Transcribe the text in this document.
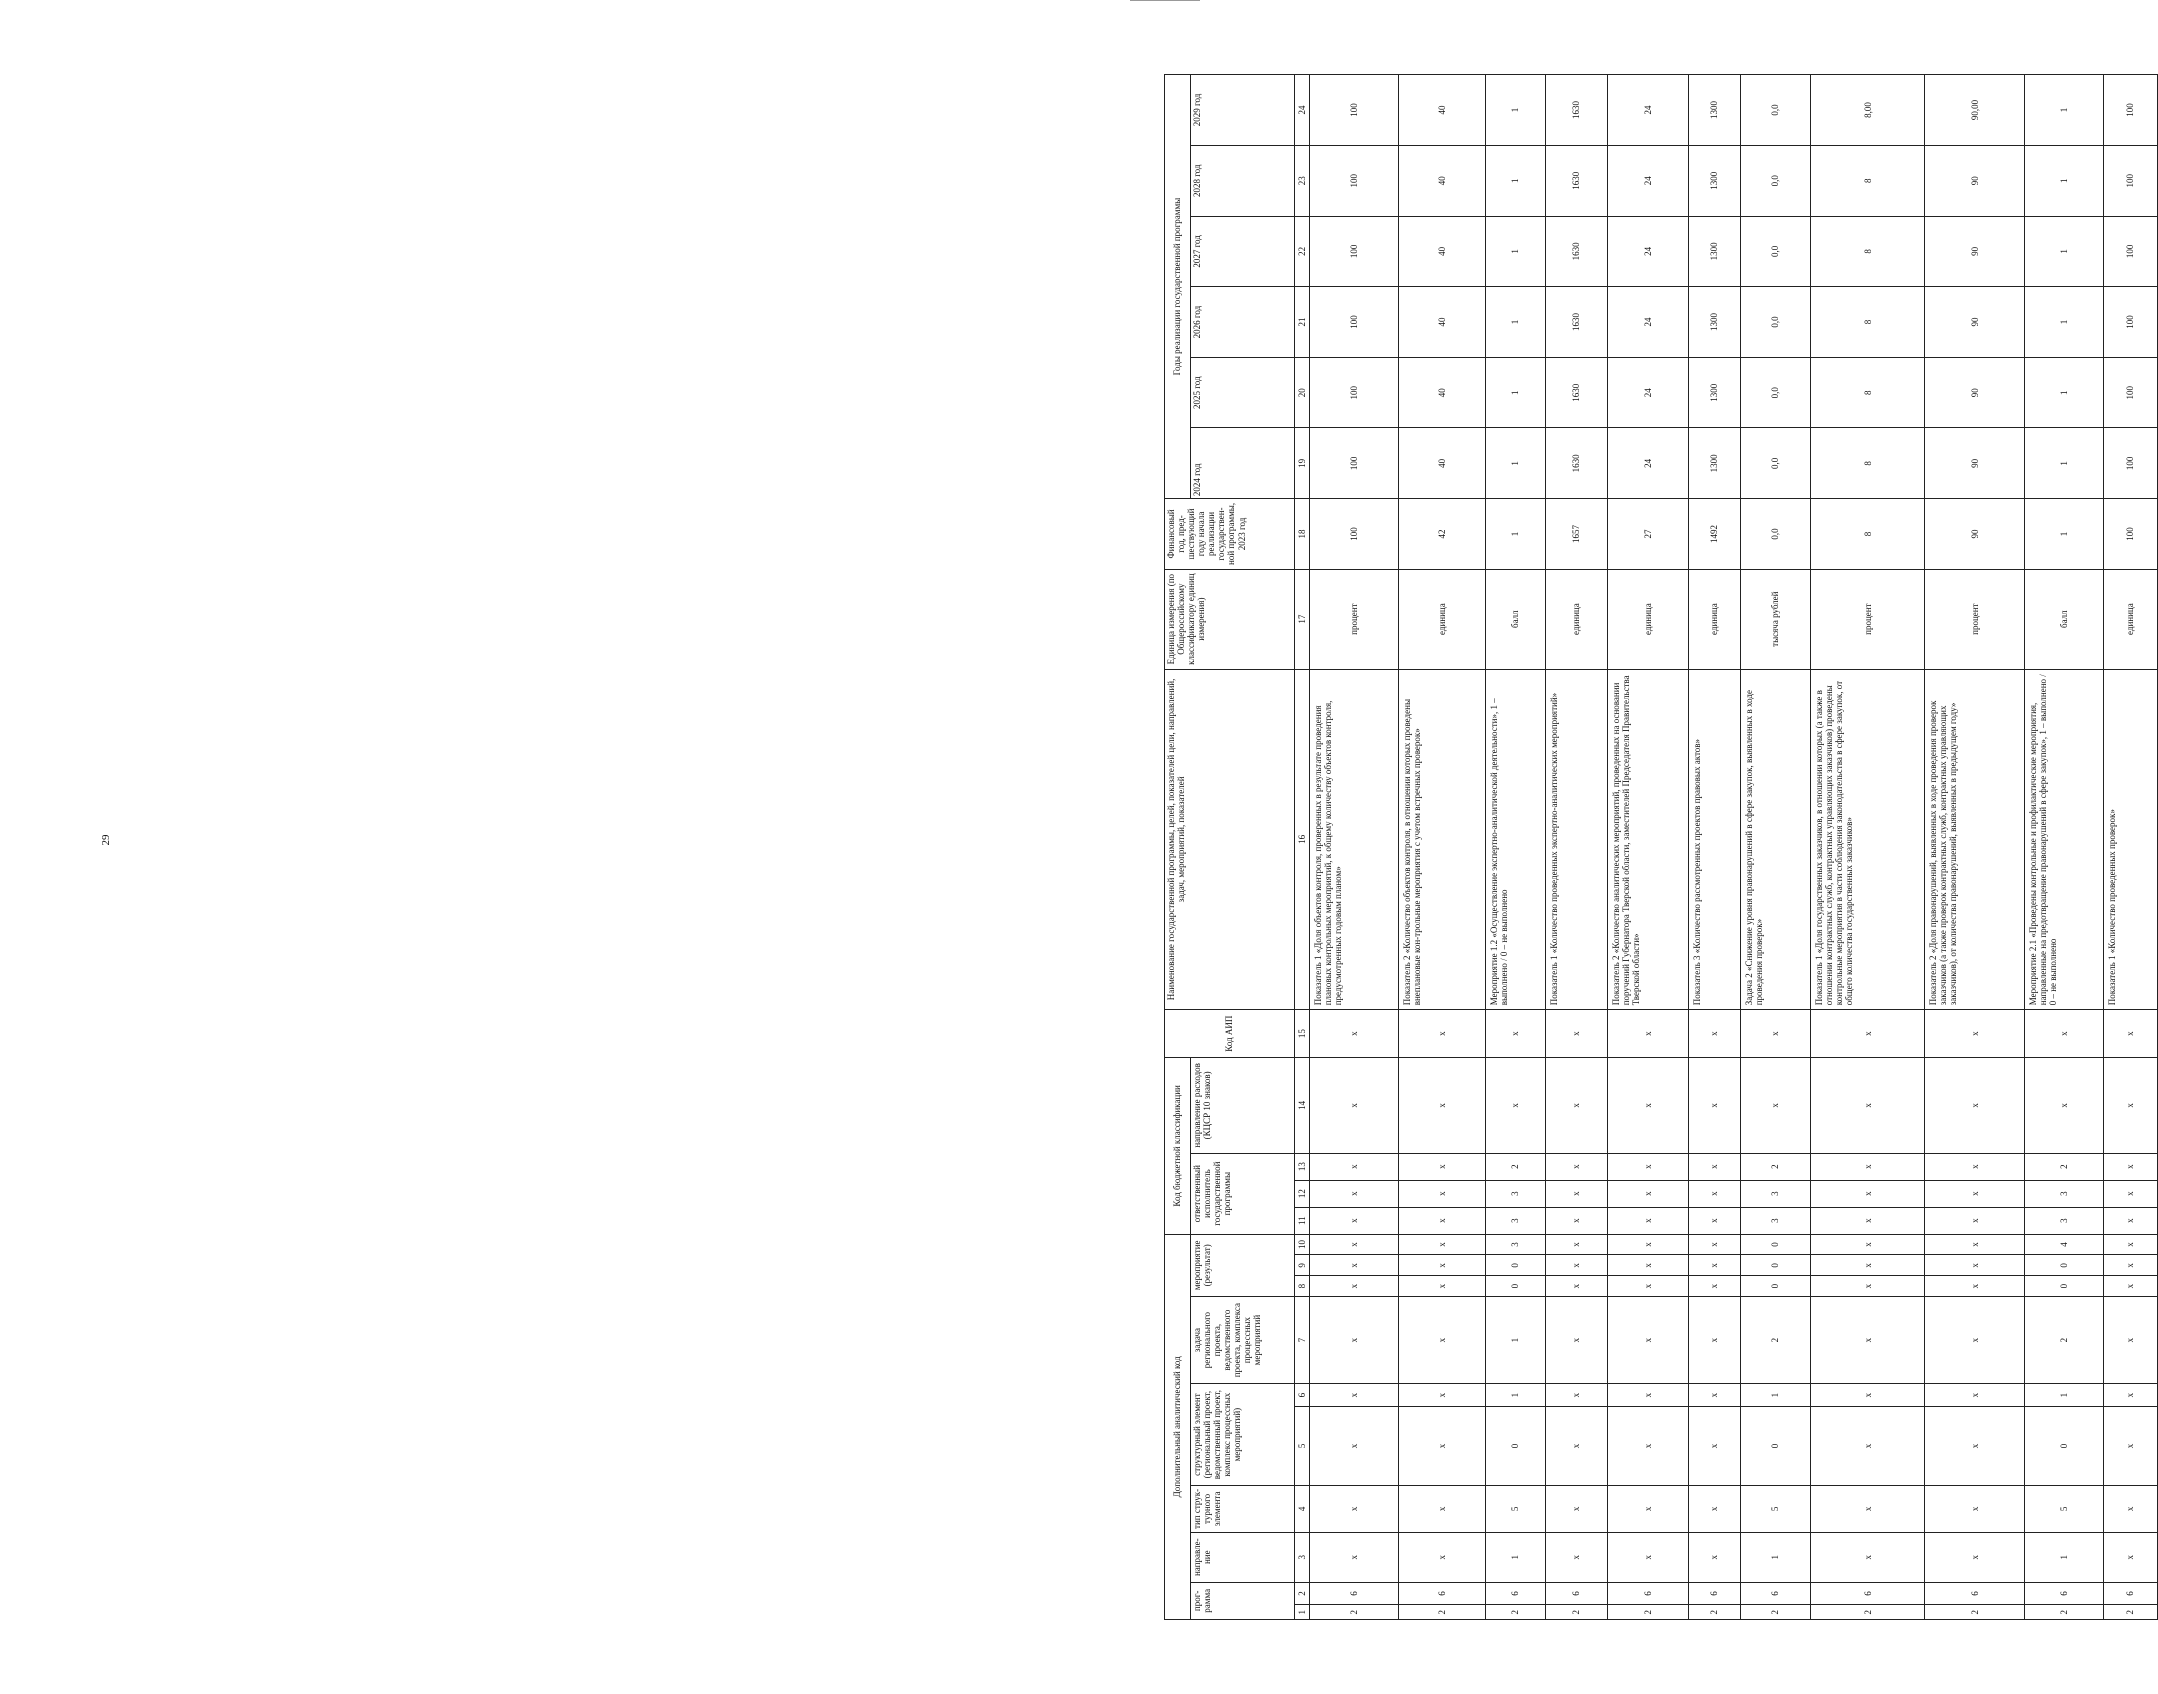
29
Дополнительный аналитический код										Код бюджетной классификации				Код АИП	Наименование государственной программы, целей, показателей цели, направлений, задач, мероприятий, показателей	Единица измерения (по Общероссийскому классификатору единиц измерения)	Финансовый год, пред-шествующий году начала реализации государствен-ной программы, 2023 год	Годы реализации государственной программы					
прог-рамма		направле-ние	тип струк-турного элемента	структурный элемент (региональный проект, ведомственный проект, комплекс процессных мероприятий)		задача регионального проекта, ведомственного проекта, комплекса процессных мероприятий	мероприятие (результат)			ответственный исполнитель государственной программы			направление расходов (КЦСР 10 знаков)					2024 год	2025 год	2026 год	2027 год	2028 год	2029 год

1	2	3	4	5	6	7	8	9	10	11	12	13	14	15	16	17	18	19	20	21	22	23	24
2	6	x	x	x	x	x	x	x	x	x	x	x	x	x	Показатель 1 «Доля объектов контроля, проверенных в результате проведения плановых контрольных мероприятий, к общему количеству объектов контроля, предусмотренных годовым планом»	процент	100	100	100	100	100	100	100
2	6	x	x	x	x	x	x	x	x	x	x	x	x	x	Показатель 2 «Количество объектов контроля, в отношении которых проведены внеплановые кон-трольные мероприятия с учетом встречных проверок»	единица	42	40	40	40	40	40	40
2	6	1	5	0	1	1	0	0	3	3	3	2	x	x	Мероприятие 1.2 «Осуществление экспертно-аналитической деятельности», 1 – выполнено / 0 – не выполнено	балл	1	1	1	1	1	1	1
2	6	x	x	x	x	x	x	x	x	x	x	x	x	x	Показатель 1 «Количество проведенных экспертно-аналитических мероприятий»	единица	1657	1630	1630	1630	1630	1630	1630
2	6	x	x	x	x	x	x	x	x	x	x	x	x	x	Показатель 2 «Количество аналитических мероприятий, проведенных на основании поручений Губернатора Тверской области, заместителей Председателя Правительства Тверской области»	единица	27	24	24	24	24	24	24
2	6	x	x	x	x	x	x	x	x	x	x	x	x	x	Показатель 3 «Количество рассмотренных проектов правовых актов»	единица	1492	1300	1300	1300	1300	1300	1300
2	6	1	5	0	1	2	0	0	0	3	3	2	x	x	Задача 2 «Снижение уровня правонарушений в сфере закупок, выявленных в ходе проведения проверок»	тысяча рублей	0,0	0,0	0,0	0,0	0,0	0,0	0,0
2	6	x	x	x	x	x	x	x	x	x	x	x	x	x	Показатель 1 «Доля государственных заказчиков, в отношении которых (а также в отношении контрактных служб, контрактных управляющих заказчиков) проведены контрольные мероприятия в части соблюдения законодательства в сфере закупок, от общего количества государственных заказчиков»	процент	8	8	8	8	8	8	8,00
2	6	x	x	x	x	x	x	x	x	x	x	x	x	x	Показатель 2 «Доля правонарушений, выявленных в ходе проведения проверок заказчиков (а также проверок контрактных служб, контрактных управляющих заказчиков), от количества правонарушений, выявленных в предыдущем году»	процент	90	90	90	90	90	90	90,00
2	6	1	5	0	1	2	0	0	4	3	3	2	x	x	Мероприятие 2.1 «Проведены контрольные и профилактические мероприятия, направленные на предотвращение правонарушений в сфере закупок», 1 – выполнено / 0 – не выполнено	балл	1	1	1	1	1	1	1
2	6	x	x	x	x	x	x	x	x	x	x	x	x	x	Показатель 1 «Количество проведенных проверок»	единица	100	100	100	100	100	100	100
